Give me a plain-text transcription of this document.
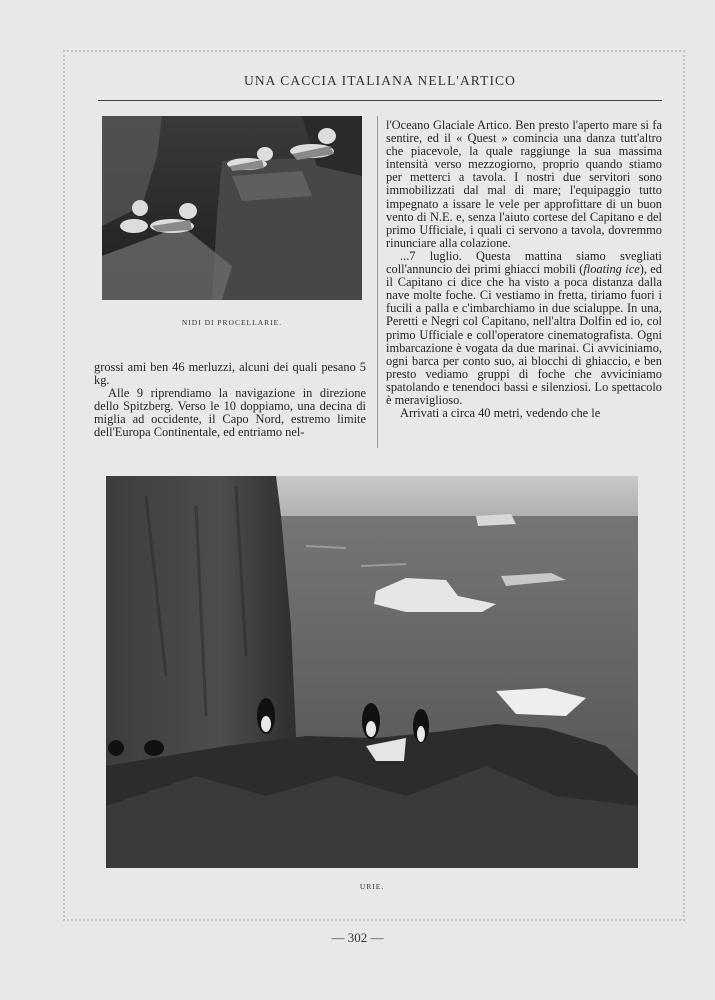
UNA CACCIA ITALIANA NELL'ARTICO
NIDI DI PROCELLARIE.

grossi ami ben 46 merluzzi, alcuni dei quali pesano 5 kg.

Alle 9 riprendiamo la navigazione in direzione dello Spitzberg. Verso le 10 doppiamo, una decina di miglia ad occidente, il Capo Nord, estremo limite dell'Europa Continentale, ed entriamo nel-

l'Oceano Glaciale Artico. Ben presto l'aperto mare si fa sentire, ed il « Quest » comincia una danza tutt'altro che piacevole, la quale raggiunge la sua massima intensità verso mezzogiorno, proprio quando stiamo per metterci a tavola. I nostri due servitori sono immobilizzati dal mal di mare; l'equipaggio tutto impegnato a issare le vele per approfittare di un buon vento di N.E. e, senza l'aiuto cortese del Capitano e del primo Ufficiale, i quali ci servono a tavola, dovremmo rinunciare alla colazione.

...7 luglio. Questa mattina siamo svegliati coll'annuncio dei primi ghiacci mobili (floating ice), ed il Capitano ci dice che ha visto a poca distanza dalla nave molte foche. Ci vestiamo in fretta, tiriamo fuori i fucili a palla e c'imbarchiamo in due scialuppe. In una, Peretti e Negri col Capitano, nell'altra Dolfin ed io, col primo Ufficiale e coll'operatore cinematografista. Ogni imbarcazione è vogata da due marinai. Ci avviciniamo, ogni barca per conto suo, ai blocchi di ghiaccio, e ben presto vediamo gruppi di foche che avviciniamo spatolando e tenendoci bassi e silenziosi. Lo spettacolo è meraviglioso.

Arrivati a circa 40 metri, vedendo che le

URIE.
— 302 —
